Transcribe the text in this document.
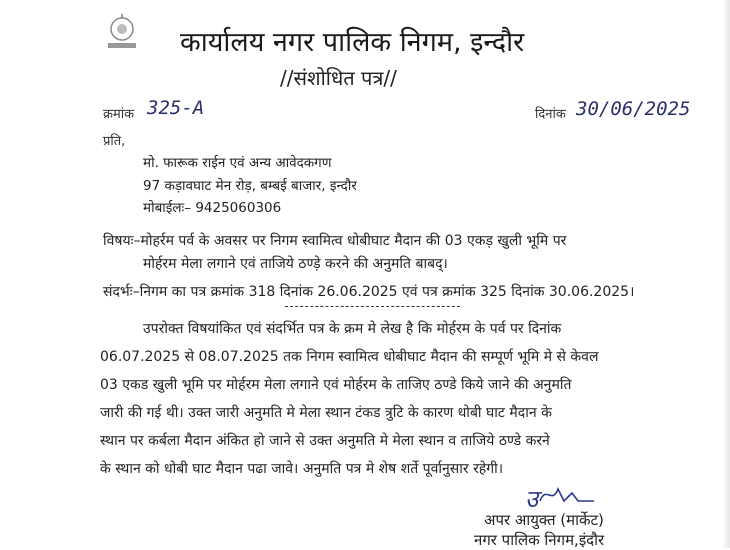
कार्यालय नगर पालिक निगम, इन्दौर
//संशोधित पत्र//
क्रमांक 325-A	दिनांक 30/06/2025
प्रति,
मो. फारूक राईन एवं अन्य आवेदकगण
97 कड़ावघाट मेन रोड़, बम्बई बाजार, इन्दौर
मोबाईलः– 9425060306
विषयः–मोहर्रम पर्व के अवसर पर निगम स्वामित्व धोबीघाट मैदान की 03 एकड़ खुली भूमि पर
मोर्हरम मेला लगाने एवं ताजिये ठण्ड़े करने की अनुमति बाबद्।
संदर्भः–निगम का पत्र क्रमांक 318 दिनांक 26.06.2025 एवं पत्र क्रमांक 325 दिनांक 30.06.2025।
उपरोक्त विषयांकित एवं संदर्भित पत्र के क्रम मे लेख है कि मोर्हरम के पर्व पर दिनांक
06.07.2025 से 08.07.2025 तक निगम स्वामित्व धोबीघाट मैदान की सम्पूर्ण भूमि मे से केवल
03 एकड खुली भूमि पर मोर्हरम मेला लगाने एवं मोर्हरम के ताजिए ठण्डे किये जाने की अनुमति
जारी की गई थी। उक्त जारी अनुमति मे मेला स्थान टंकड त्रुटि के कारण धोबी घाट मैदान के
स्थान पर कर्बला मैदान अंकित हो जाने से उक्त अनुमति मे मेला स्थान व ताजिये ठण्डे करने
के स्थान को धोबी घाट मैदान पढा जावे। अनुमति पत्र मे शेष शर्ते पूर्वानुसार रहेगी।
उ
अपर आयुक्त (मार्केट)
नगर पालिक निगम,इंदौर
